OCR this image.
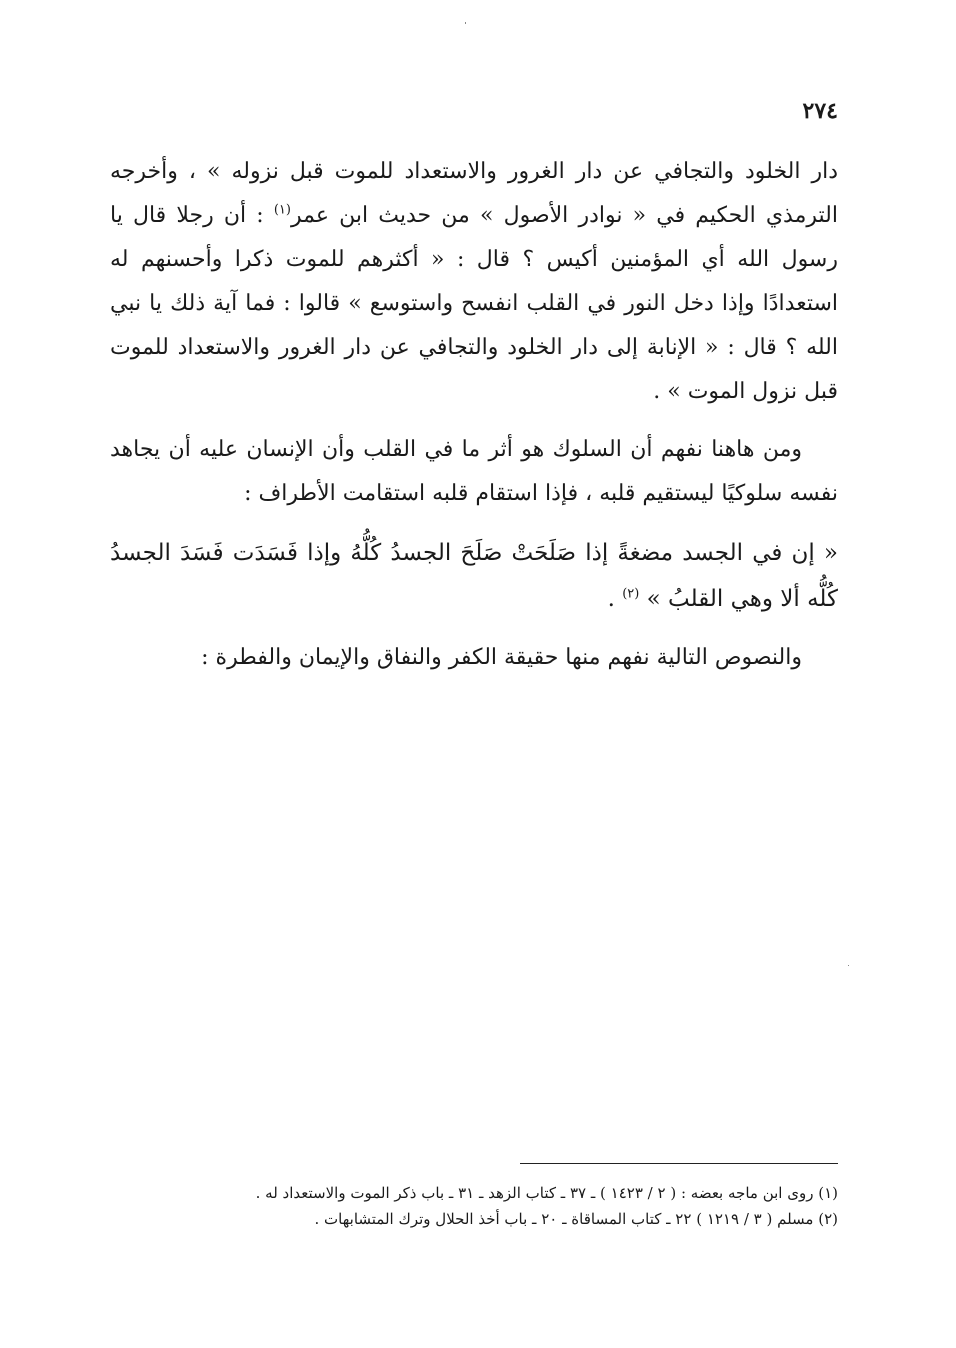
٢٧٤

دار الخلود والتجافي عن دار الغرور والاستعداد للموت قبل نزوله » ، وأخرجه الترمذي الحكيم في « نوادر الأصول » من حديث ابن عمر$^{(١)}$ : أن رجلا قال يا رسول الله أي المؤمنين أكيس ؟ قال : « أكثرهم للموت ذكرا وأحسنهم له استعدادًا وإذا دخل النور في القلب انفسح واستوسع » قالوا : فما آية ذلك يا نبي الله ؟ قال : « الإنابة إلى دار الخلود والتجافي عن دار الغرور والاستعداد للموت قبل نزول الموت » .

ومن هاهنا نفهم أن السلوك هو أثر ما في القلب وأن الإنسان عليه أن يجاهد نفسه سلوكيًا ليستقيم قلبه ، فإذا استقام قلبه استقامت الأطراف :

« إن في الجسد مضغةً إذا صَلَحَتْ صَلَحَ الجسدُ كُلُّهُ وإذا فَسَدَت فَسَدَ الجسدُ كُلُّه ألا وهي القلبُ » $^{(٢)}$ .

والنصوص التالية نفهم منها حقيقة الكفر والنفاق والإيمان والفطرة :

(١) روى ابن ماجه بعضه : ( ٢ / ١٤٢٣ ) ـ ٣٧ ـ كتاب الزهد ـ ٣١ ـ باب ذكر الموت والاستعداد له .
(٢) مسلم ( ٣ / ١٢١٩ ) ٢٢ ـ كتاب المساقاة ـ ٢٠ ـ باب أخذ الحلال وترك المتشابهات .
